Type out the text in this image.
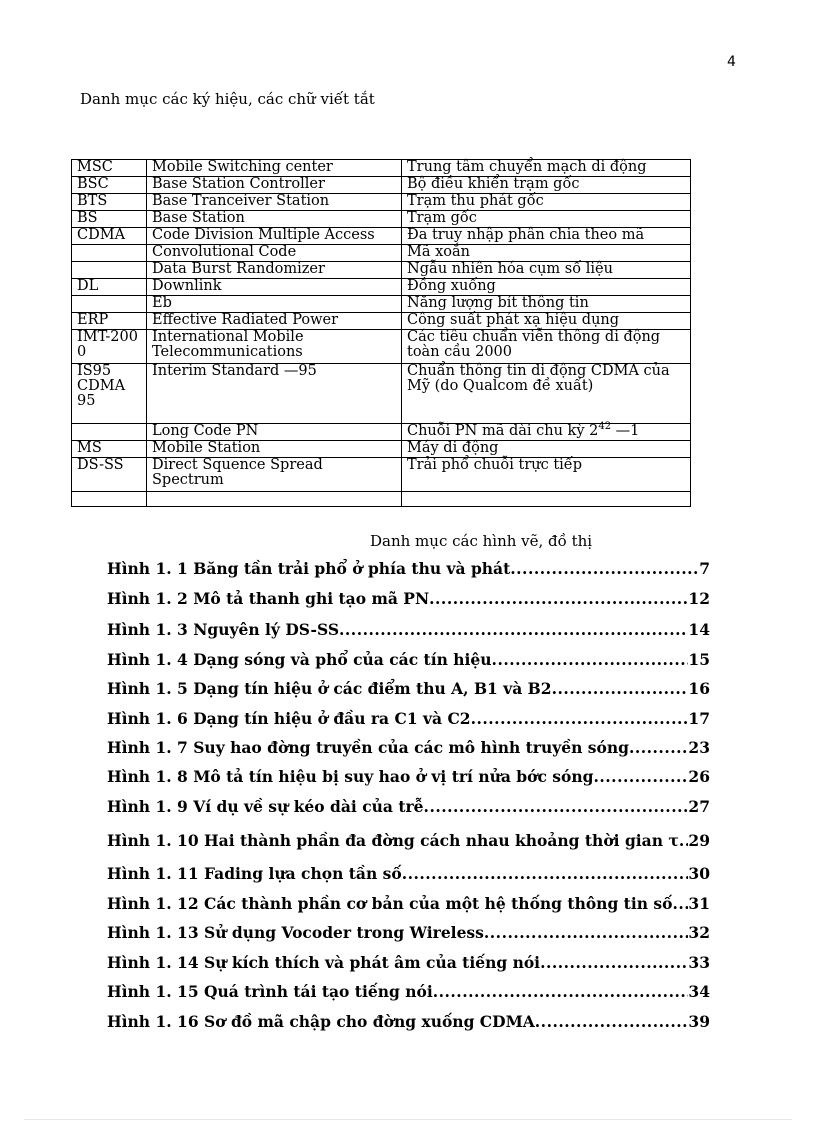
4
Danh mục các ký hiệu, các chữ viết tắt
MSC	Mobile Switching center	Trung tâm chuyển mạch di động
BSC	Base Station Controller	Bộ điều khiển trạm gốc
BTS	Base Tranceiver Station	Trạm thu phát gốc
BS	Base Station	Trạm gốc
CDMA	Code Division Multiple Access	Đa truy nhập phân chia theo mã
	Convolutional Code	Mã xoắn
	Data Burst Randomizer	Ngẫu nhiên hóa cụm số liệu
DL	Downlink	Đồng xuống
	Eb	Năng lượng bít thông tin
ERP	Effective Radiated Power	Công suất phát xạ hiệu dụng
IMT-2000	International Mobile Telecommunications	Các tiêu chuẩn viễn thông di động toàn cầu 2000
IS95 CDMA 95	Interim Standard —95	Chuẩn thông tin di động CDMA của Mỹ (do Qualcom đề xuất)
	Long Code PN	Chuỗi PN mã dài chu kỳ $2^{42}$ —1
MS	Mobile Station	Máy di động
DS-SS	Direct Squence Spread Spectrum	Trải phổ chuỗi trực tiếp

Danh mục các hình vẽ, đồ thị
Hình 1. 1 Băng tần trải phổ ở phía thu và phát .....	7
Hình 1. 2 Mô tả thanh ghi tạo mã PN .....	12
Hình 1. 3 Nguyên lý DS-SS .....	14
Hình 1. 4 Dạng sóng và phổ của các tín hiệu .....	15
Hình 1. 5 Dạng tín hiệu ở các điểm thu A, B1 và B2 .....	16
Hình 1. 6 Dạng tín hiệu ở đầu ra C1 và C2 .....	17
Hình 1. 7 Suy hao đờng truyền của các mô hình truyền sóng .....	23
Hình 1. 8 Mô tả tín hiệu bị suy hao ở vị trí nửa bớc sóng .....	26
Hình 1. 9 Ví dụ về sự kéo dài của trễ .....	27
Hình 1. 10 Hai thành phần đa đờng cách nhau khoảng thời gian τ ..... 29
Hình 1. 11 Fading lựa chọn tần số .....	30
Hình 1. 12 Các thành phần cơ bản của một hệ thống thông tin số ..... 31
Hình 1. 13 Sử dụng Vocoder trong Wireless .....	32
Hình 1. 14 Sự kích thích và phát âm của tiếng nói .....	33
Hình 1. 15 Quá trình tái tạo tiếng nói .....	34
Hình 1. 16 Sơ đồ mã chập cho đờng xuống CDMA .....	39
